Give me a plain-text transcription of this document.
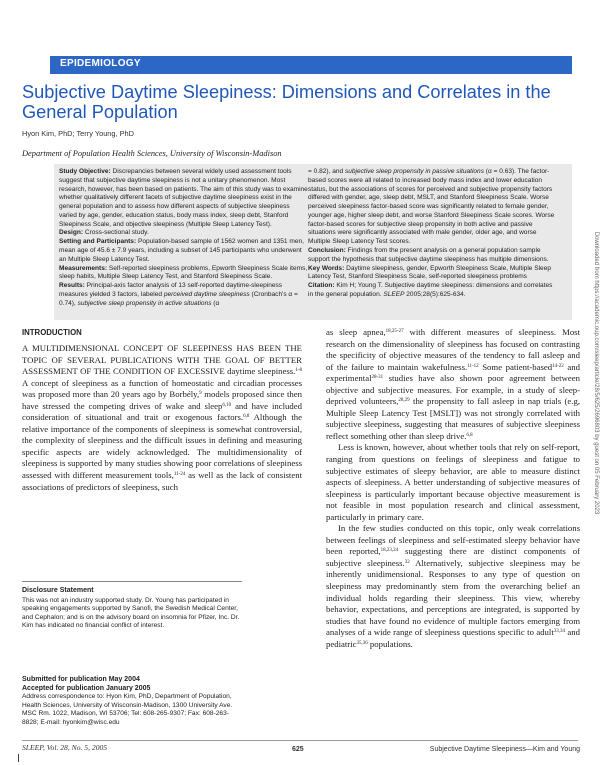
EPIDEMIOLOGY
Subjective Daytime Sleepiness: Dimensions and Correlates in the General Population
Hyon Kim, PhD; Terry Young, PhD
Department of Population Health Sciences, University of Wisconsin-Madison

Study Objective: Discrepancies between several widely used assessment tools suggest that subjective daytime sleepiness is not a unitary phenomenon. Most research, however, has been based on patients. The aim of this study was to examine whether qualitatively different facets of subjective daytime sleepiness exist in the general population and to assess how different aspects of subjective sleepiness varied by age, gender, education status, body mass index, sleep debt, Stanford Sleepiness Scale, and objective sleepiness (Multiple Sleep Latency Test).

Design: Cross-sectional study.

Setting and Participants: Population-based sample of 1562 women and 1351 men, mean age of 45.6 ± 7.9 years, including a subset of 145 participants who underwent an Multiple Sleep Latency Test.

Measurements: Self-reported sleepiness problems, Epworth Sleepiness Scale items, sleep habits, Multiple Sleep Latency Test, and Stanford Sleepiness Scale.

Results: Principal-axis factor analysis of 13 self-reported daytime-sleepiness measures yielded 3 factors, labeled perceived daytime sleepiness (Cronbach's α = 0.74), subjective sleep propensity in active situations (α

= 0.82), and subjective sleep propensity in passive situations (α = 0.63). The factor-based scores were all related to increased body mass index and lower education status, but the associations of scores for perceived and subjective propensity factors differed with gender, age, sleep debt, MSLT, and Stanford Sleepiness Scale. Worse perceived sleepiness factor-based score was significantly related to female gender, younger age, higher sleep debt, and worse Stanford Sleepiness Scale scores. Worse factor-based scores for subjective sleep propensity in both active and passive situations were significantly associated with male gender, older age, and worse Multiple Sleep Latency Test scores.

Conclusion: Findings from the present analysis on a general population sample support the hypothesis that subjective daytime sleepiness has multiple dimensions.

Key Words: Daytime sleepiness, gender, Epworth Sleepiness Scale, Multiple Sleep Latency Test, Stanford Sleepiness Scale, self-reported sleepiness problems

Citation: Kim H; Young T. Subjective daytime sleepiness: dimensions and correlates in the general population. SLEEP 2005;28(5):625-634.	Downloaded from https://academic.oup.com/sleep/article/28/5/625/2696803 by guest on 05 February 2023
INTRODUCTION

A MULTIDIMENSIONAL CONCEPT OF SLEEPINESS HAS BEEN THE TOPIC OF SEVERAL PUBLICATIONS WITH THE GOAL OF BETTER ASSESSMENT OF THE CONDITION OF EXCESSIVE daytime sleepiness.$^{1-8}$ A concept of sleepiness as a function of homeostatic and circadian processes was proposed more than 20 years ago by Borbély,$^9$ models proposed since then have stressed the competing drives of wake and sleep$^{6,10}$ and have included consideration of situational and trait or exogenous factors.$^{6,8}$ Although the relative importance of the components of sleepiness is somewhat controversial, the complexity of sleepiness and the difficult issues in defining and measuring specific aspects are widely acknowledged. The multidimensionality of sleepiness is supported by many studies showing poor correlations of sleepiness assessed with different measurement tools,$^{11-24}$ as well as the lack of consistent associations of predictors of sleepiness, such

as sleep apnea,$^{18,25-27}$ with different measures of sleepiness. Most research on the dimensionality of sleepiness has focused on contrasting the specificity of objective measures of the tendency to fall asleep and of the failure to maintain wakefulness.$^{11-12}$ Some patient-based$^{14-22}$ and experimental$^{28-31}$ studies have also shown poor agreement between objective and subjective measures. For example, in a study of sleep-deprived volunteers,$^{28,29}$ the propensity to fall asleep in nap trials (e.g, Multiple Sleep Latency Test [MSLT]) was not strongly correlated with subjective sleepiness, suggesting that measures of subjective sleepiness reflect something other than sleep drive.$^{6,8}$

Less is known, however, about whether tools that rely on self-report, ranging from questions on feelings of sleepiness and fatigue to subjective estimates of sleepy behavior, are able to measure distinct aspects of sleepiness. A better understanding of subjective measures of sleepiness is particularly important because objective measurement is not feasible in most population research and clinical assessment, particularly in primary care.

In the few studies conducted on this topic, only weak correlations between feelings of sleepiness and self-estimated sleepy behavior have been reported,$^{18,23,24}$ suggesting there are distinct components of subjective sleepiness.$^{32}$ Alternatively, subjective sleepiness may be inherently unidimensional. Responses to any type of question on sleepiness may predominantly stem from the overarching belief an individual holds regarding their sleepiness. This view, whereby behavior, expectations, and perceptions are integrated, is supported by studies that have found no evidence of multiple factors emerging from analyses of a wide range of sleepiness questions specific to adult$^{33,34}$ and pediatric$^{35,36}$ populations.

Disclosure Statement
This was not an industry supported study. Dr. Young has participated in speaking engagements supported by Sanofi, the Swedish Medical Center, and Cephalon; and is on the advisory board on insomnia for Pfizer, Inc. Dr. Kim has indicated no financial conflict of interest.
Submitted for publication May 2004
Accepted for publication January 2005
Address correspondence to: Hyon Kim, PhD, Department of Population, Health Sciences, University of Wisconsin-Madison, 1300 University Ave. MSC Rm. 1022, Madison, WI 53706; Tel: 608-265-9307; Fax: 608-263-8828; E-mail: hyonkim@wisc.edu
SLEEP, Vol. 28, No. 5, 2005	625	Subjective Daytime Sleepiness—Kim and Young
